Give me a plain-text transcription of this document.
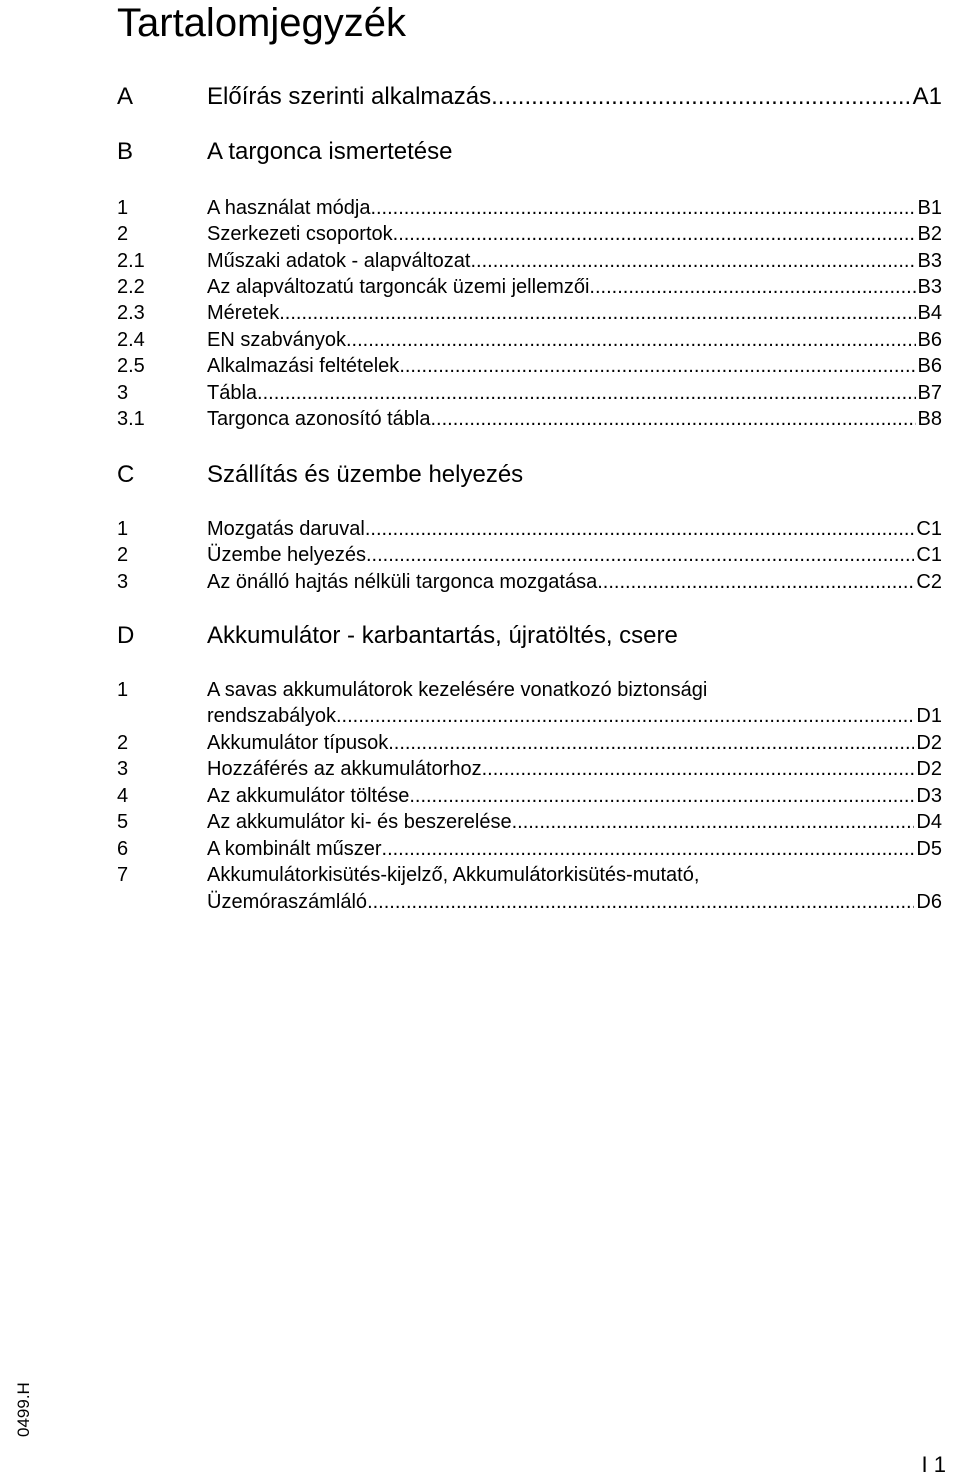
Tartalomjegyzék
A	Előírás szerinti alkalmazás .....	A1
B	A targonca ismertetése
1	A használat módja .....	B1
2	Szerkezeti csoportok .....	B2
2.1	Műszaki adatok - alapváltozat .....	B3
2.2	Az alapváltozatú targoncák üzemi jellemzői .....	B3
2.3	Méretek .....	B4
2.4	EN szabványok .....	B6
2.5	Alkalmazási feltételek .....	B6
3	Tábla .....	B7
3.1	Targonca azonosító tábla .....	B8
C	Szállítás és üzembe helyezés
1	Mozgatás daruval .....	C1
2	Üzembe helyezés .....	C1
3	Az önálló hajtás nélküli targonca mozgatása .....	C2
D	Akkumulátor - karbantartás, újratöltés, csere
1	A savas akkumulátorok kezelésére vonatkozó biztonsági
rendszabályok .....	D1
2	Akkumulátor típusok .....	D2
3	Hozzáférés az akkumulátorhoz .....	D2
4	Az akkumulátor töltése .....	D3
5	Az akkumulátor ki- és beszerelése .....	D4
6	A kombinált műszer .....	D5
7	Akkumulátorkisütés-kijelző, Akkumulátorkisütés-mutató,
Üzemóraszámláló .....	D6
0499.H
I 1
